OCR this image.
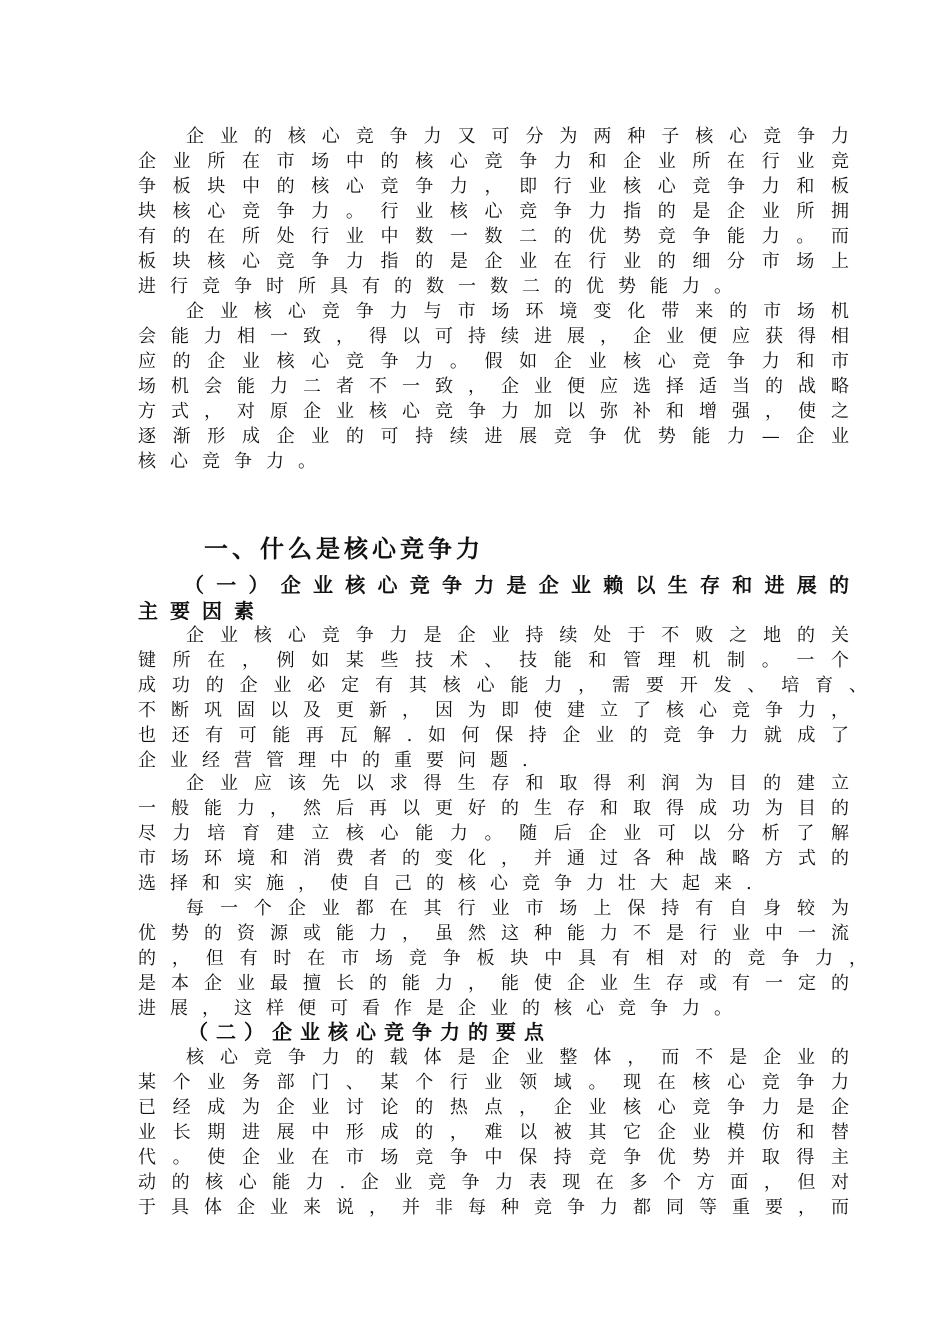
企业的核心竞争力又可分为两种子核心竞争力
企业所在市场中的核心竞争力和企业所在行业竞
争板块中的核心竞争力，即行业核心竞争力和板
块核心竞争力。行业核心竞争力指的是企业所拥
有的在所处行业中数一数二的优势竞争能力。而
板块核心竞争力指的是企业在行业的细分市场上
进行竞争时所具有的数一数二的优势能力。
企业核心竞争力与市场环境变化带来的市场机
会能力相一致，得以可持续进展，企业便应获得相
应的企业核心竞争力。假如企业核心竞争力和市
场机会能力二者不一致，企业便应选择适当的战略
方式，对原企业核心竞争力加以弥补和增强，使之
逐渐形成企业的可持续进展竞争优势能力—企业
核心竞争力。
一、什么是核心竞争力
（一）企业核心竞争力是企业赖以生存和进展的
主要因素
企业核心竞争力是企业持续处于不败之地的关
键所在，例如某些技术、技能和管理机制。一个
成功的企业必定有其核心能力，需要开发、培育、
不断巩固以及更新，因为即使建立了核心竞争力，
也还有可能再瓦解.如何保持企业的竞争力就成了
企业经营管理中的重要问题.
企业应该先以求得生存和取得利润为目的建立
一般能力，然后再以更好的生存和取得成功为目的
尽力培育建立核心能力。随后企业可以分析了解
市场环境和消费者的变化，并通过各种战略方式的
选择和实施，使自己的核心竞争力壮大起来.
每一个企业都在其行业市场上保持有自身较为
优势的资源或能力，虽然这种能力不是行业中一流
的，但有时在市场竞争板块中具有相对的竞争力，
是本企业最擅长的能力，能使企业生存或有一定的
进展，这样便可看作是企业的核心竞争力。
（二）企业核心竞争力的要点
核心竞争力的载体是企业整体，而不是企业的
某个业务部门、某个行业领域。现在核心竞争力
已经成为企业讨论的热点，企业核心竞争力是企
业长期进展中形成的，难以被其它企业模仿和替
代。使企业在市场竞争中保持竞争优势并取得主
动的核心能力.企业竞争力表现在多个方面，但对
于具体企业来说，并非每种竞争力都同等重要，而
